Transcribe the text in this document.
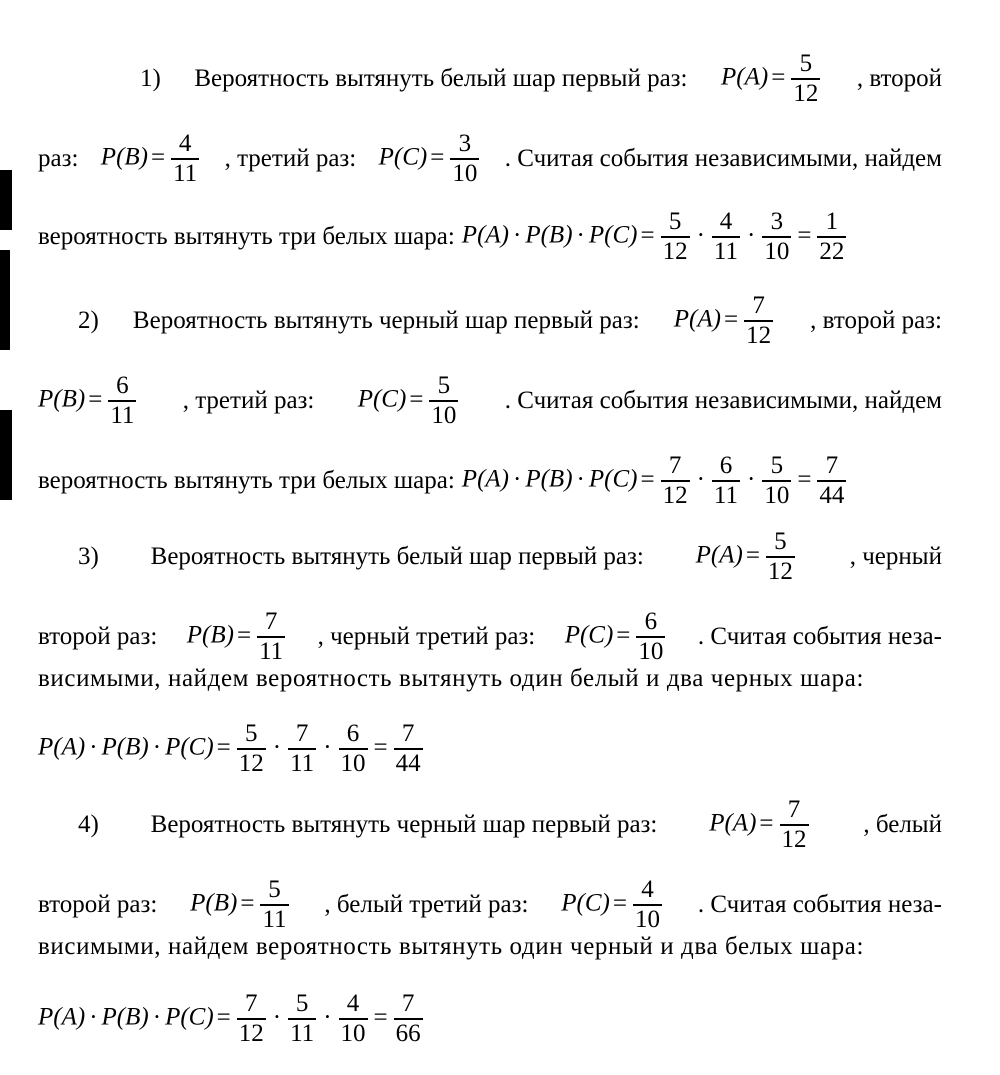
1) Вероятность вытянуть белый шар первый раз: $P(A) = \frac{5}{12}$ , второй
раз: $P(B) = \frac{4}{11}$ , третий раз: $P(C) = \frac{3}{10}$ . Считая события независимыми, найдем
вероятность вытянуть три белых шара: $P(A) \cdot P(B) \cdot P(C) = \frac{5}{12} \cdot \frac{4}{11} \cdot \frac{3}{10} = \frac{1}{22}$
2) Вероятность вытянуть черный шар первый раз: $P(A) = \frac{7}{12}$ , второй раз:
$P(B) = \frac{6}{11}$ , третий раз: $P(C) = \frac{5}{10}$ . Считая события независимыми, найдем
вероятность вытянуть три белых шара: $P(A) \cdot P(B) \cdot P(C) = \frac{7}{12} \cdot \frac{6}{11} \cdot \frac{5}{10} = \frac{7}{44}$
3) Вероятность вытянуть белый шар первый раз: $P(A) = \frac{5}{12}$ , черный
второй раз: $P(B) = \frac{7}{11}$ , черный третий раз: $P(C) = \frac{6}{10}$ . Считая события неза-
висимыми, найдем вероятность вытянуть один белый и два черных шара:
$P(A) \cdot P(B) \cdot P(C) = \frac{5}{12} \cdot \frac{7}{11} \cdot \frac{6}{10} = \frac{7}{44}$
4) Вероятность вытянуть черный шар первый раз: $P(A) = \frac{7}{12}$ , белый
второй раз: $P(B) = \frac{5}{11}$ , белый третий раз: $P(C) = \frac{4}{10}$ . Считая события неза-
висимыми, найдем вероятность вытянуть один черный и два белых шара:
$P(A) \cdot P(B) \cdot P(C) = \frac{7}{12} \cdot \frac{5}{11} \cdot \frac{4}{10} = \frac{7}{66}$
